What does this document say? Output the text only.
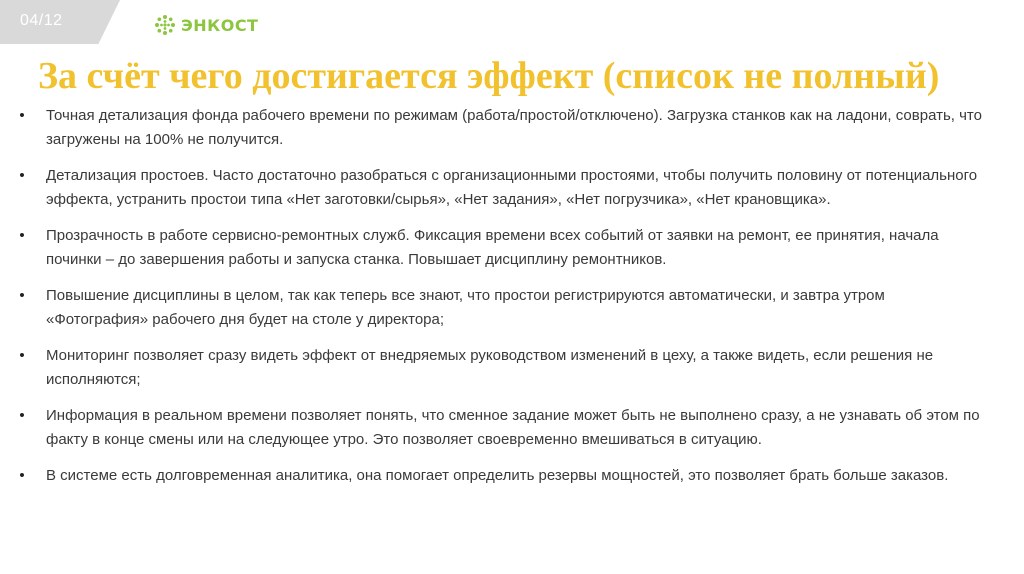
04/12	ЭНКОСТ
За счёт чего достигается эффект (список не полный)
•	Точная детализация фонда рабочего времени по режимам (работа/простой/отключено). Загрузка станков как на ладони, соврать, что загружены на 100% не получится.
•	Детализация простоев. Часто достаточно разобраться с организационными простоями, чтобы получить половину от потенциального эффекта, устранить простои типа «Нет заготовки/сырья», «Нет задания», «Нет погрузчика», «Нет крановщика».
•	Прозрачность в работе сервисно-ремонтных служб. Фиксация времени всех событий от заявки на ремонт, ее принятия, начала починки – до завершения работы и запуска станка. Повышает дисциплину ремонтников.
•	Повышение дисциплины в целом, так как теперь все знают, что простои регистрируются автоматически, и завтра утром «Фотография» рабочего дня будет на столе у директора;
•	Мониторинг позволяет сразу видеть эффект от внедряемых руководством изменений в цеху, а также видеть, если решения не исполняются;
•	Информация в реальном времени позволяет понять, что сменное задание может быть не выполнено сразу, а не узнавать об этом по факту в конце смены или на следующее утро. Это позволяет своевременно вмешиваться в ситуацию.
•	В системе есть долговременная аналитика, она помогает определить резервы мощностей, это позволяет брать больше заказов.
